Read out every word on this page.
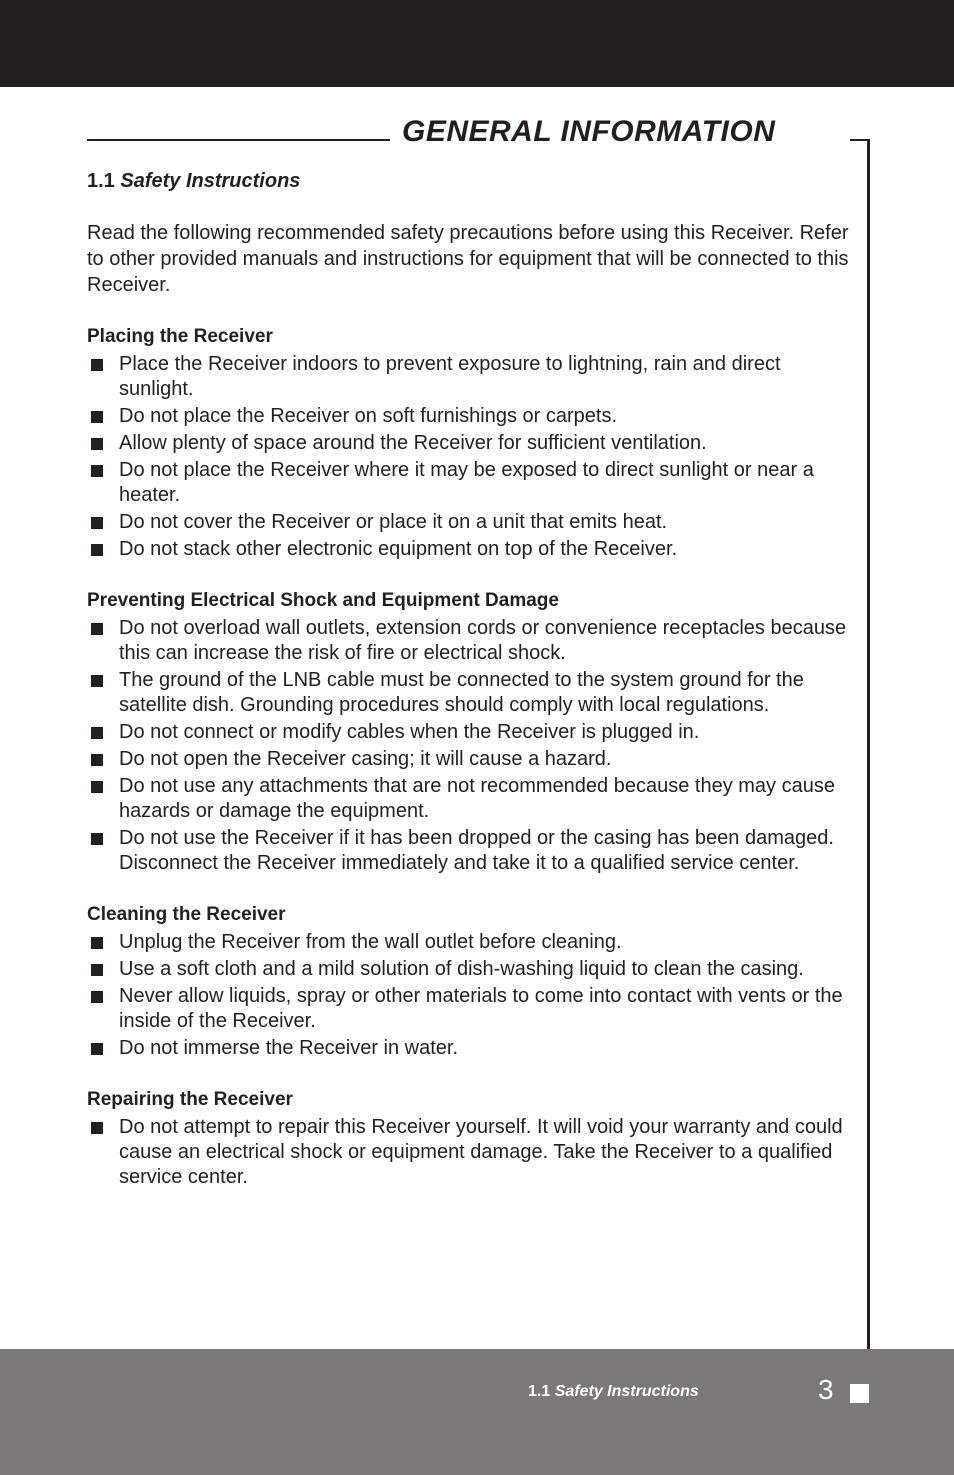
GENERAL INFORMATION
1.1 Safety Instructions

Read the following recommended safety precautions before using this Receiver. Refer to other provided manuals and instructions for equipment that will be connected to this Receiver.

Placing the Receiver
Place the Receiver indoors to prevent exposure to lightning, rain and direct sunlight.
Do not place the Receiver on soft furnishings or carpets.
Allow plenty of space around the Receiver for sufficient ventilation.
Do not place the Receiver where it may be exposed to direct sunlight or near a heater.
Do not cover the Receiver or place it on a unit that emits heat.
Do not stack other electronic equipment on top of the Receiver.
Preventing Electrical Shock and Equipment Damage
Do not overload wall outlets, extension cords or convenience receptacles because this can increase the risk of fire or electrical shock.
The ground of the LNB cable must be connected to the system ground for the satellite dish. Grounding procedures should comply with local regulations.
Do not connect or modify cables when the Receiver is plugged in.
Do not open the Receiver casing; it will cause a hazard.
Do not use any attachments that are not recommended because they may cause hazards or damage the equipment.
Do not use the Receiver if it has been dropped or the casing has been damaged. Disconnect the Receiver immediately and take it to a qualified service center.
Cleaning the Receiver
Unplug the Receiver from the wall outlet before cleaning.
Use a soft cloth and a mild solution of dish-washing liquid to clean the casing.
Never allow liquids, spray or other materials to come into contact with vents or the inside of the Receiver.
Do not immerse the Receiver in water.
Repairing the Receiver
Do not attempt to repair this Receiver yourself. It will void your warranty and could cause an electrical shock or equipment damage. Take the Receiver to a qualified service center.
1.1 Safety Instructions	3
